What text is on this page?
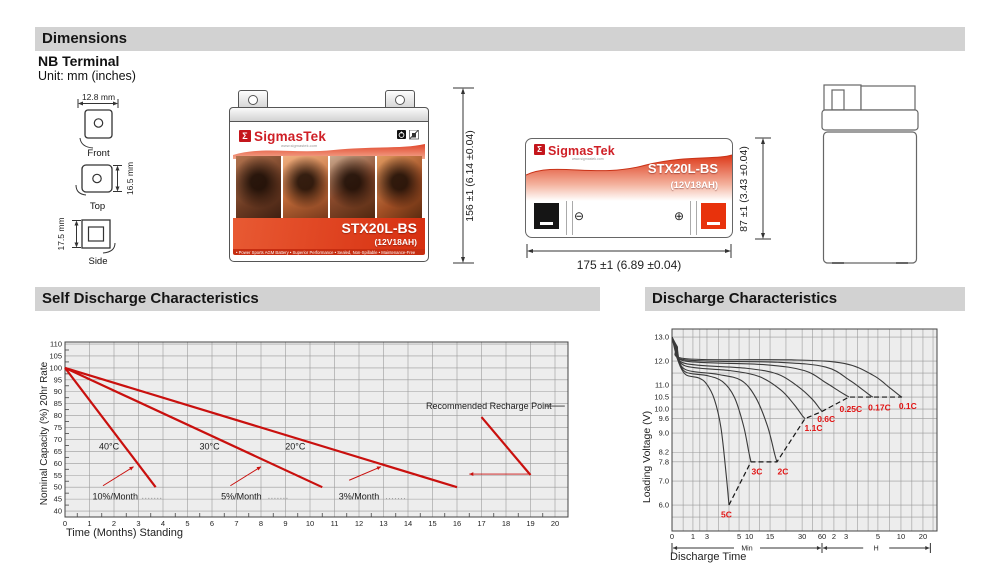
Dimensions
Self Discharge Characteristics	Discharge Characteristics
NB Terminal
Unit: mm (inches)
12.8 mm
Front
16.5 mm
Top
17.5 mm
Side
Σ SigmasTek
www.sigmastek.com
STX20L-BS
(12V18AH)
• Power Sports AGM Battery • Superior Performance • Sealed, Non-Spillable • Maintenance-Free
156 ±1 (6.14 ±0.04)	Σ SigmasTek
www.sigmastek.com
STX20L-BS
(12V18AH)
⊖	⊕
175 ±1 (6.89 ±0.04)
87 ±1 (3.43 ±0.04)
0	1	2	3	4	5	6	7	8	9 10 11 12 13 14 15 16 17 18 19 20
40
45
50
55
60
65
70
75
80
85
90
95
100
105
110
40°C	30°C	20°C
10%/Month	5%/Month	3%/Month
Recommended Recharge Point
Nominal Capacity (%) 20hr Rate
Time (Months) Standing
5C
3C 2C
1.1C
0.6C
0.25C 0.17C 0.1C
13.0
12.0
11.0
10.5
10.0
9.6
9.0
8.2
7.8
7.0
6.0
0 1 3	5 10 15	30 60 2 3	5 10 20
Min	H
Loading Voltage (V)
Discharge Time
